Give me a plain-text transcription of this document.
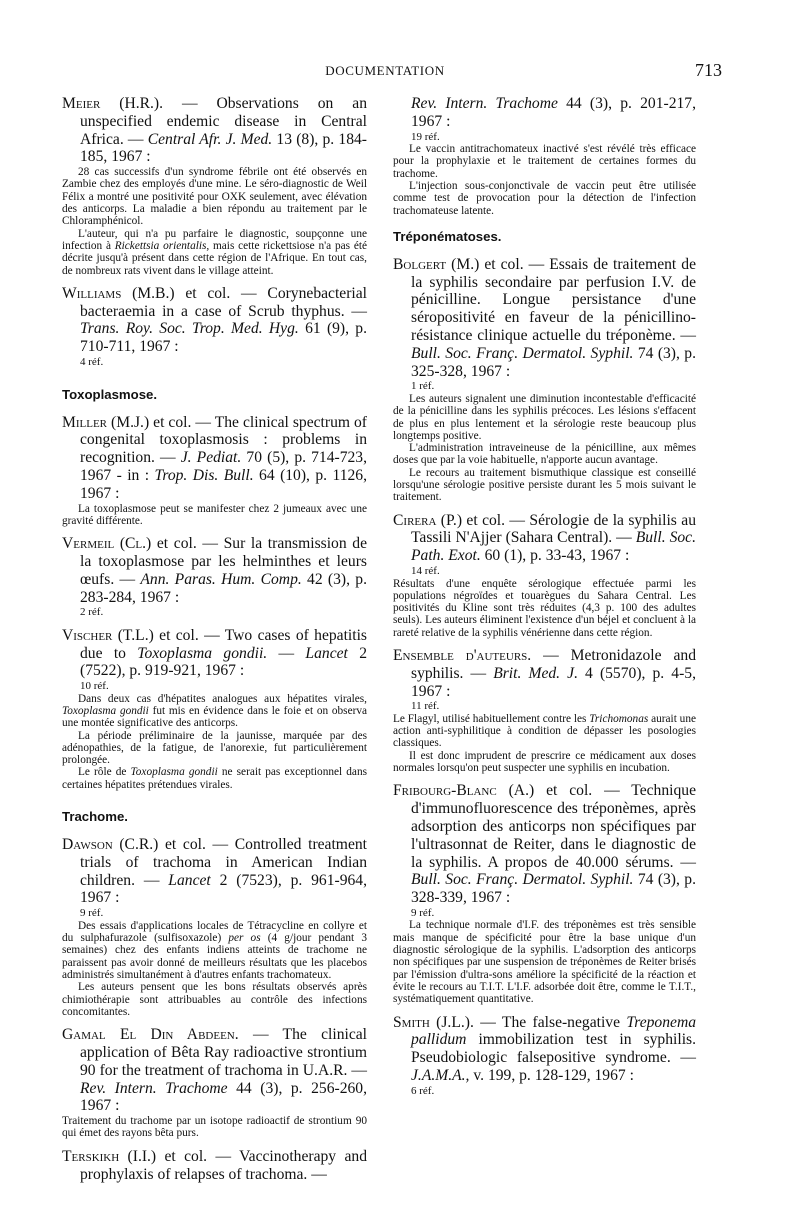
DOCUMENTATION	713
Meier (H.R.). — Observations on an unspecified endemic disease in Central Africa. — Central Afr. J. Med. 13 (8), p. 184-185, 1967 :

28 cas successifs d'un syndrome fébrile ont été observés en Zambie chez des employés d'une mine. Le séro-diagnostic de Weil Félix a montré une positivité pour OXK seulement, avec élévation des anticorps. La maladie a bien répondu au traitement par le Chloramphénicol.

L'auteur, qui n'a pu parfaire le diagnostic, soupçonne une infection à Rickettsia orientalis, mais cette rickettsiose n'a pas été décrite jusqu'à présent dans cette région de l'Afrique. En tout cas, de nombreux rats vivent dans le village atteint.

Williams (M.B.) et col. — Corynebacterial bacteraemia in a case of Scrub thyphus. — Trans. Roy. Soc. Trop. Med. Hyg. 61 (9), p. 710-711, 1967 :
4 réf.
Toxoplasmose.
Miller (M.J.) et col. — The clinical spectrum of congenital toxoplasmosis : problems in recognition. — J. Pediat. 70 (5), p. 714-723, 1967 - in : Trop. Dis. Bull. 64 (10), p. 1126, 1967 :

La toxoplasmose peut se manifester chez 2 jumeaux avec une gravité différente.

Vermeil (Cl.) et col. — Sur la transmission de la toxoplasmose par les helminthes et leurs œufs. — Ann. Paras. Hum. Comp. 42 (3), p. 283-284, 1967 :
2 réf.
Vischer (T.L.) et col. — Two cases of hepatitis due to Toxoplasma gondii. — Lancet 2 (7522), p. 919-921, 1967 :
10 réf.

Dans deux cas d'hépatites analogues aux hépatites virales, Toxoplasma gondii fut mis en évidence dans le foie et on observa une montée significative des anticorps.

La période préliminaire de la jaunisse, marquée par des adénopathies, de la fatigue, de l'anorexie, fut particulièrement prolongée.

Le rôle de Toxoplasma gondii ne serait pas exceptionnel dans certaines hépatites prétendues virales.

Trachome.
Dawson (C.R.) et col. — Controlled treatment trials of trachoma in American Indian children. — Lancet 2 (7523), p. 961-964, 1967 :
9 réf.

Des essais d'applications locales de Tétracycline en collyre et du sulphafurazole (sulfisoxazole) per os (4 g/jour pendant 3 semaines) chez des enfants indiens atteints de trachome ne paraissent pas avoir donné de meilleurs résultats que les placebos administrés simultanément à d'autres enfants trachomateux.

Les auteurs pensent que les bons résultats observés après chimiothérapie sont attribuables au contrôle des infections concomitantes.

Gamal El Din Abdeen. — The clinical application of Bêta Ray radioactive strontium 90 for the treatment of trachoma in U.A.R. — Rev. Intern. Trachome 44 (3), p. 256-260, 1967 :

Traitement du trachome par un isotope radioactif de strontium 90 qui émet des rayons bêta purs.

Terskikh (I.I.) et col. — Vaccinotherapy and prophylaxis of relapses of trachoma. —
Rev. Intern. Trachome 44 (3), p. 201-217, 1967 :
19 réf.

Le vaccin antitrachomateux inactivé s'est révélé très efficace pour la prophylaxie et le traitement de certaines formes du trachome.

L'injection sous-conjonctivale de vaccin peut être utilisée comme test de provocation pour la détection de l'infection trachomateuse latente.

Tréponématoses.
Bolgert (M.) et col. — Essais de traitement de la syphilis secondaire par perfusion I.V. de pénicilline. Longue persistance d'une séropositivité en faveur de la pénicillino-résistance clinique actuelle du tréponème. — Bull. Soc. Franç. Dermatol. Syphil. 74 (3), p. 325-328, 1967 :
1 réf.

Les auteurs signalent une diminution incontestable d'efficacité de la pénicilline dans les syphilis précoces. Les lésions s'effacent de plus en plus lentement et la sérologie reste beaucoup plus longtemps positive.

L'administration intraveineuse de la pénicilline, aux mêmes doses que par la voie habituelle, n'apporte aucun avantage.

Le recours au traitement bismuthique classique est conseillé lorsqu'une sérologie positive persiste durant les 5 mois suivant le traitement.

Cirera (P.) et col. — Sérologie de la syphilis au Tassili N'Ajjer (Sahara Central). — Bull. Soc. Path. Exot. 60 (1), p. 33-43, 1967 :
14 réf.

Résultats d'une enquête sérologique effectuée parmi les populations négroïdes et touarègues du Sahara Central. Les positivités du Kline sont très réduites (4,3 p. 100 des adultes seuls). Les auteurs éliminent l'existence d'un béjel et concluent à la rareté relative de la syphilis vénérienne dans cette région.

Ensemble d'auteurs. — Metronidazole and syphilis. — Brit. Med. J. 4 (5570), p. 4-5, 1967 :
11 réf.

Le Flagyl, utilisé habituellement contre les Trichomonas aurait une action anti-syphilitique à condition de dépasser les posologies classiques.

Il est donc imprudent de prescrire ce médicament aux doses normales lorsqu'on peut suspecter une syphilis en incubation.

Fribourg-Blanc (A.) et col. — Technique d'immunofluorescence des tréponèmes, après adsorption des anticorps non spécifiques par l'ultrasonnat de Reiter, dans le diagnostic de la syphilis. A propos de 40.000 sérums. — Bull. Soc. Franç. Dermatol. Syphil. 74 (3), p. 328-339, 1967 :
9 réf.

La technique normale d'I.F. des tréponèmes est très sensible mais manque de spécificité pour être la base unique d'un diagnostic sérologique de la syphilis. L'adsorption des anticorps non spécifiques par une suspension de tréponèmes de Reiter brisés par l'émission d'ultra-sons améliore la spécificité de la réaction et évite le recours au T.I.T. L'I.F. adsorbée doit être, comme le T.I.T., systématiquement quantitative.

Smith (J.L.). — The false-negative Treponema pallidum immobilization test in syphilis. Pseudobiologic falsepositive syndrome. — J.A.M.A., v. 199, p. 128-129, 1967 :
6 réf.
